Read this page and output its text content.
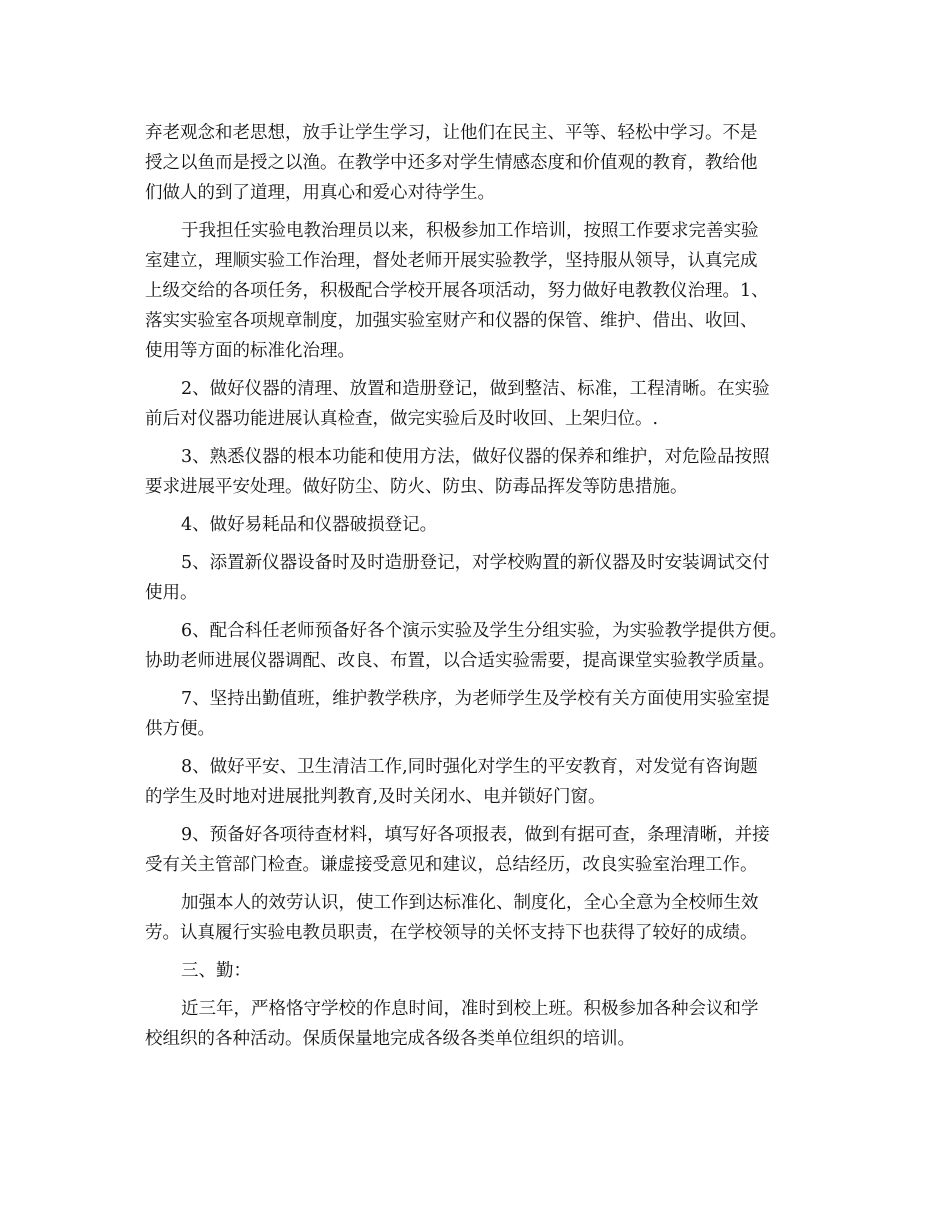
弃老观念和老思想，放手让学生学习，让他们在民主、平等、轻松中学习。不是

授之以鱼而是授之以渔。在教学中还多对学生情感态度和价值观的教育，教给他

们做人的到了道理，用真心和爱心对待学生。

于我担任实验电教治理员以来，积极参加工作培训，按照工作要求完善实验

室建立，理顺实验工作治理，督处老师开展实验教学，坚持服从领导，认真完成

上级交给的各项任务，积极配合学校开展各项活动，努力做好电教教仪治理。1、

落实实验室各项规章制度，加强实验室财产和仪器的保管、维护、借出、收回、

使用等方面的标准化治理。

2、做好仪器的清理、放置和造册登记，做到整洁、标准，工程清晰。在实验

前后对仪器功能进展认真检查，做完实验后及时收回、上架归位。.

3、熟悉仪器的根本功能和使用方法，做好仪器的保养和维护，对危险品按照

要求进展平安处理。做好防尘、防火、防虫、防毒品挥发等防患措施。

4、做好易耗品和仪器破损登记。

5、添置新仪器设备时及时造册登记，对学校购置的新仪器及时安装调试交付

使用。

6、配合科任老师预备好各个演示实验及学生分组实验，为实验教学提供方便。

协助老师进展仪器调配、改良、布置，以合适实验需要，提高课堂实验教学质量。

7、坚持出勤值班，维护教学秩序，为老师学生及学校有关方面使用实验室提

供方便。

8、做好平安、卫生清洁工作,同时强化对学生的平安教育，对发觉有咨询题

的学生及时地对进展批判教育,及时关闭水、电并锁好门窗。

9、预备好各项待查材料，填写好各项报表，做到有据可查，条理清晰，并接

受有关主管部门检查。谦虚接受意见和建议，总结经历，改良实验室治理工作。

加强本人的效劳认识，使工作到达标准化、制度化，全心全意为全校师生效

劳。认真履行实验电教员职责，在学校领导的关怀支持下也获得了较好的成绩。

三、勤：

近三年，严格恪守学校的作息时间，准时到校上班。积极参加各种会议和学

校组织的各种活动。保质保量地完成各级各类单位组织的培训。
